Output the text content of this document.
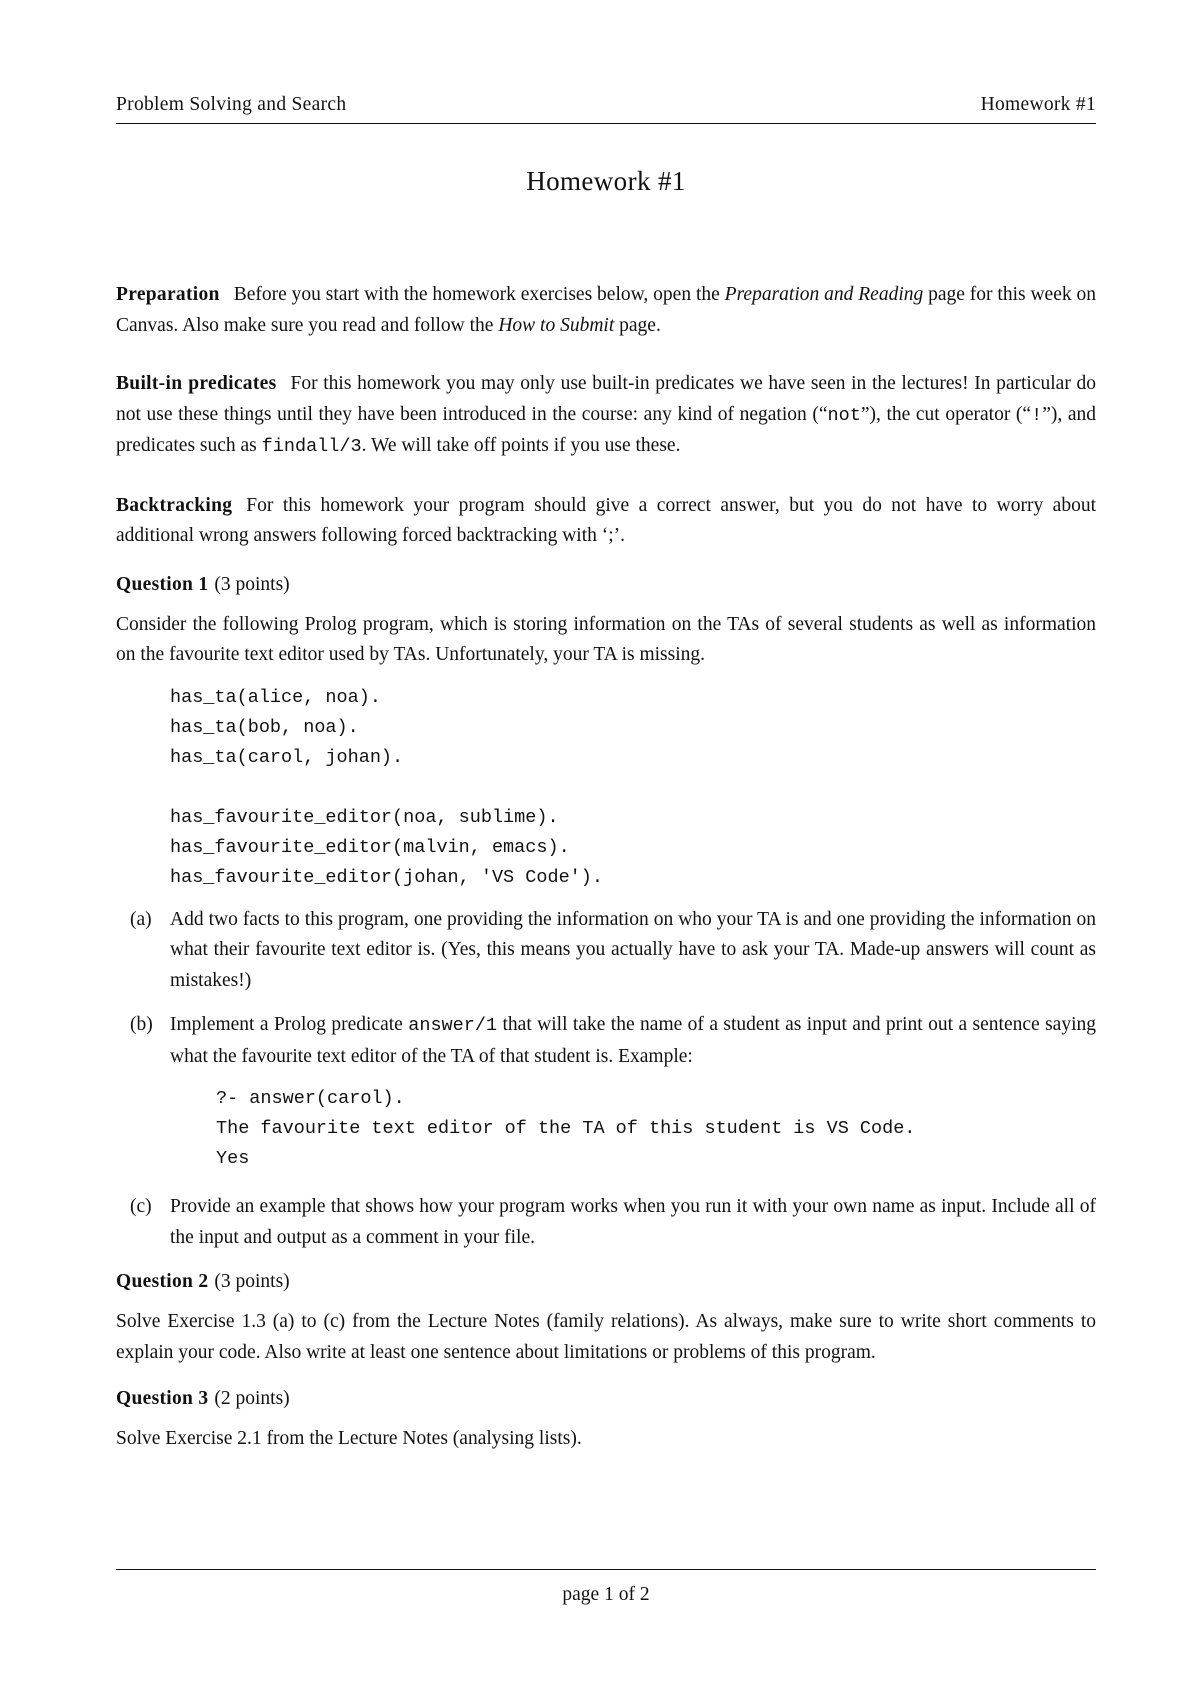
Problem Solving and Search	Homework #1
Homework #1

Preparation Before you start with the homework exercises below, open the Preparation and Reading page for this week on Canvas. Also make sure you read and follow the How to Submit page.

Built-in predicates For this homework you may only use built-in predicates we have seen in the lectures! In particular do not use these things until they have been introduced in the course: any kind of negation (“not”), the cut operator (“!”), and predicates such as findall/3. We will take off points if you use these.

Backtracking For this homework your program should give a correct answer, but you do not have to worry about additional wrong answers following forced backtracking with ‘;’.

Question 1 (3 points)

Consider the following Prolog program, which is storing information on the TAs of several students as well as information on the favourite text editor used by TAs. Unfortunately, your TA is missing.

has_ta(alice, noa).
has_ta(bob, noa).
has_ta(carol, johan).
has_favourite_editor(noa, sublime).
has_favourite_editor(malvin, emacs).
has_favourite_editor(johan, 'VS Code').
(a) Add two facts to this program, one providing the information on who your TA is and one providing the information on what their favourite text editor is. (Yes, this means you actually have to ask your TA. Made-up answers will count as mistakes!)

(b) Implement a Prolog predicate answer/1 that will take the name of a student as input and print out a sentence saying what the favourite text editor of the TA of that student is. Example:

?- answer(carol).
The favourite text editor of the TA of this student is VS Code.
Yes
(c) Provide an example that shows how your program works when you run it with your own name as input. Include all of the input and output as a comment in your file.

Question 2 (3 points)

Solve Exercise 1.3 (a) to (c) from the Lecture Notes (family relations). As always, make sure to write short comments to explain your code. Also write at least one sentence about limitations or problems of this program.

Question 3 (2 points)

Solve Exercise 2.1 from the Lecture Notes (analysing lists).

page 1 of 2
